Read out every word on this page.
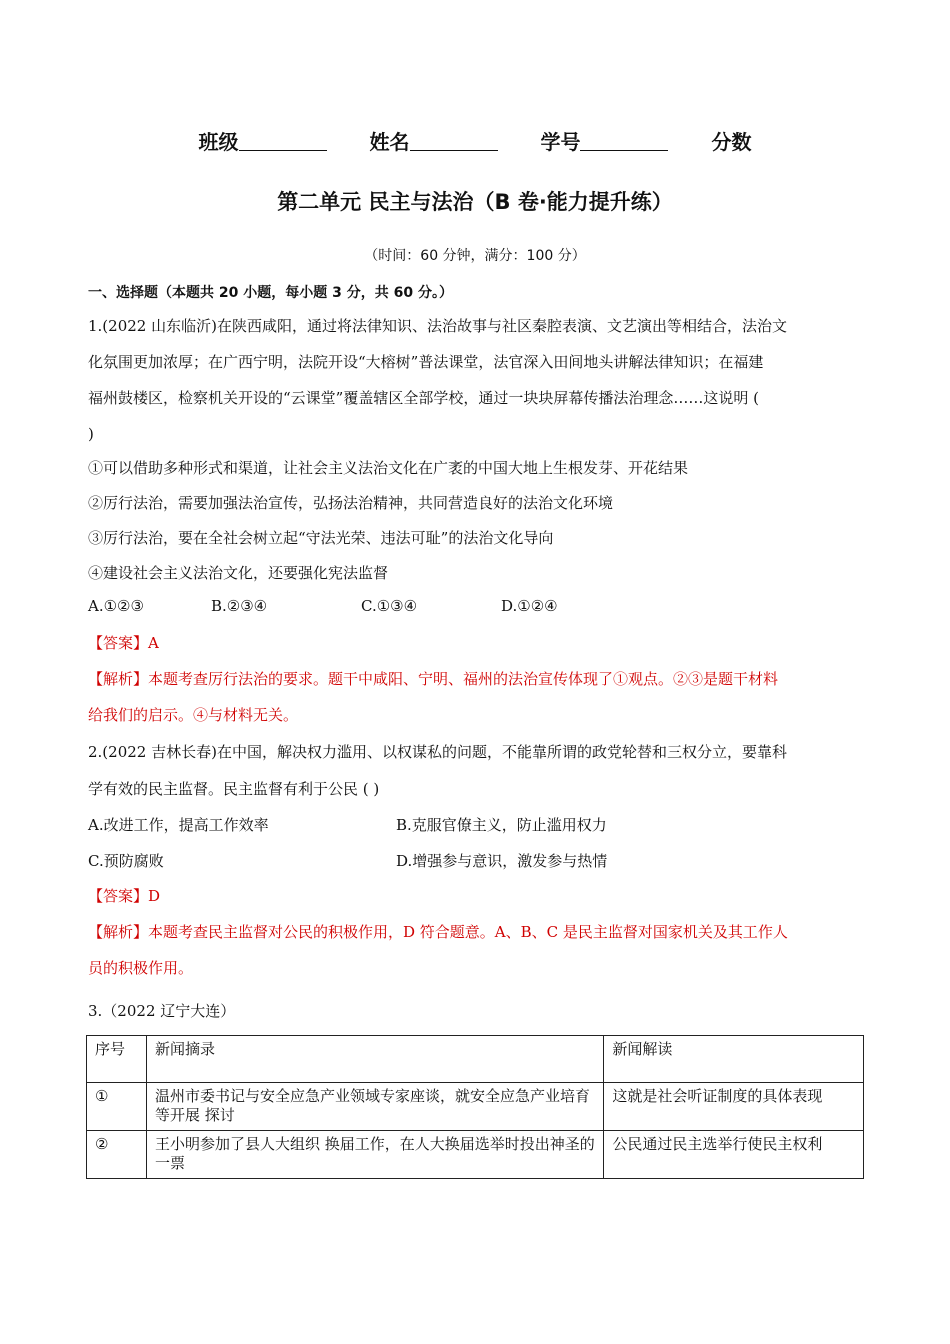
班级	姓名	学号	分数
第二单元 民主与法治（B 卷·能力提升练）
（时间：60 分钟，满分：100 分）
一、选择题（本题共 20 小题，每小题 3 分，共 60 分。）
1.(2022 山东临沂)在陕西咸阳，通过将法律知识、法治故事与社区秦腔表演、文艺演出等相结合，法治文
化氛围更加浓厚；在广西宁明，法院开设“大榕树”普法课堂，法官深入田间地头讲解法律知识；在福建
福州鼓楼区，检察机关开设的“云课堂”覆盖辖区全部学校，通过一块块屏幕传播法治理念……这说明 (
)
①可以借助多种形式和渠道，让社会主义法治文化在广袤的中国大地上生根发芽、开花结果
②厉行法治，需要加强法治宣传，弘扬法治精神，共同营造良好的法治文化环境
③厉行法治，要在全社会树立起“守法光荣、违法可耻”的法治文化导向
④建设社会主义法治文化，还要强化宪法监督
A.①②③	B.②③④	C.①③④	D.①②④
【答案】A
【解析】本题考查厉行法治的要求。题干中咸阳、宁明、福州的法治宣传体现了①观点。②③是题干材料
给我们的启示。④与材料无关。
2.(2022 吉林长春)在中国，解决权力滥用、以权谋私的问题，不能靠所谓的政党轮替和三权分立，要靠科
学有效的民主监督。民主监督有利于公民 ( )
A.改进工作，提高工作效率	B.克服官僚主义，防止滥用权力
C.预防腐败	D.增强参与意识，激发参与热情
【答案】D
【解析】本题考查民主监督对公民的积极作用，D 符合题意。A、B、C 是民主监督对国家机关及其工作人
员的积极作用。
3.（2022 辽宁大连）
序号	新闻摘录	新闻解读
①	温州市委书记与安全应急产业领域专家座谈，就安全应急产业培育等开展 探讨	这就是社会听证制度的具体表现
②	王小明参加了县人大组织 换届工作，在人大换届选举时投出神圣的一票	公民通过民主选举行使民主权利
